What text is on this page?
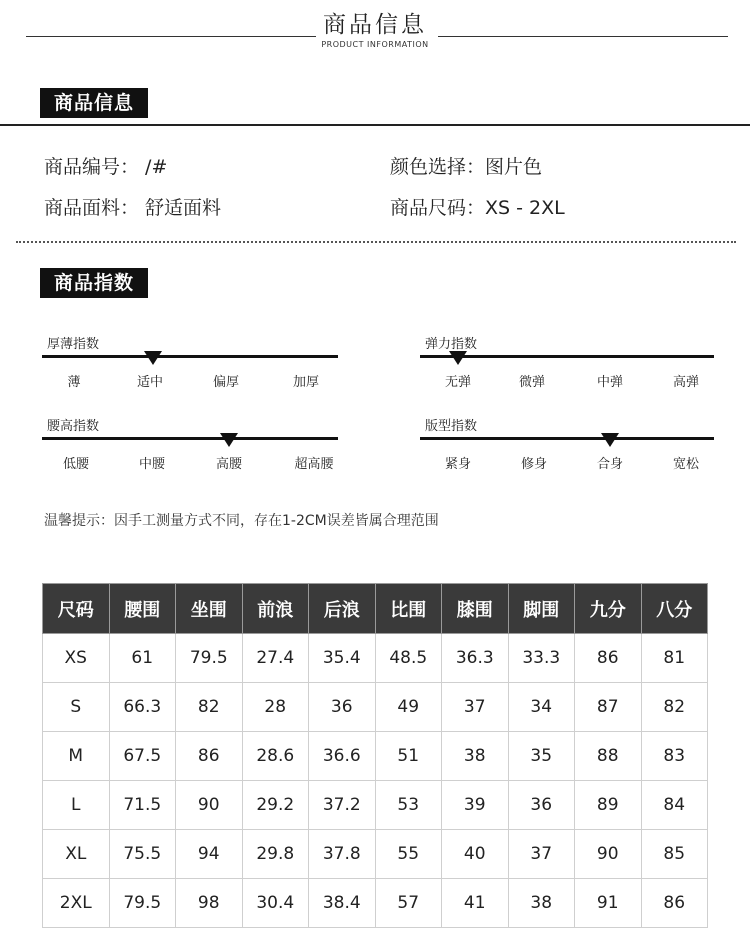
商品信息
PRODUCT INFORMATION
商品信息
商品编号： /#	颜色选择：图片色
商品面料： 舒适面料	商品尺码：XS - 2XL
商品指数
厚薄指数
薄	适中	偏厚	加厚
弹力指数
无弹	微弹	中弹	高弹
腰高指数
低腰	中腰	高腰	超高腰
版型指数
紧身	修身	合身	宽松
温馨提示：因手工测量方式不同，存在1-2CM误差皆属合理范围
尺码	腰围	坐围	前浪	后浪	比围	膝围	脚围	九分	八分
XS	61	79.5	27.4	35.4	48.5	36.3	33.3	86	81
S	66.3	82	28	36	49	37	34	87	82
M	67.5	86	28.6	36.6	51	38	35	88	83
L	71.5	90	29.2	37.2	53	39	36	89	84
XL	75.5	94	29.8	37.8	55	40	37	90	85
2XL	79.5	98	30.4	38.4	57	41	38	91	86
